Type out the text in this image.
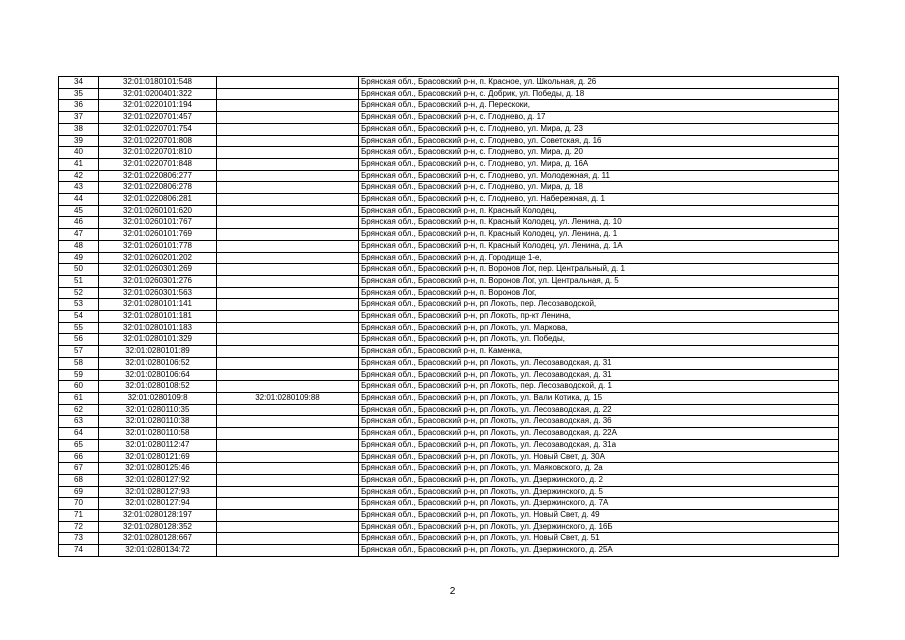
34	32:01:0180101:548		Брянская обл., Брасовский р-н, п. Красное, ул. Школьная, д. 26
35	32:01:0200401:322		Брянская обл., Брасовский р-н, с. Добрик, ул. Победы, д. 18
36	32:01:0220101:194		Брянская обл., Брасовский р-н, д. Перескоки,
37	32:01:0220701:457		Брянская обл., Брасовский р-н, с. Глоднево, д. 17
38	32:01:0220701:754		Брянская обл., Брасовский р-н, с. Глоднево, ул. Мира, д. 23
39	32:01:0220701:808		Брянская обл., Брасовский р-н, с. Глоднево, ул. Советская, д. 16
40	32:01:0220701:810		Брянская обл., Брасовский р-н, с. Глоднево, ул. Мира, д. 20
41	32:01:0220701:848		Брянская обл., Брасовский р-н, с. Глоднево, ул. Мира, д. 16А
42	32:01:0220806:277		Брянская обл., Брасовский р-н, с. Глоднево, ул. Молодежная, д. 11
43	32:01:0220806:278		Брянская обл., Брасовский р-н, с. Глоднево, ул. Мира, д. 18
44	32:01:0220806:281		Брянская обл., Брасовский р-н, с. Глоднево, ул. Набережная, д. 1
45	32:01:0260101:620		Брянская обл., Брасовский р-н, п. Красный Колодец,
46	32:01:0260101:767		Брянская обл., Брасовский р-н, п. Красный Колодец, ул. Ленина, д. 10
47	32:01:0260101:769		Брянская обл., Брасовский р-н, п. Красный Колодец, ул. Ленина, д. 1
48	32:01:0260101:778		Брянская обл., Брасовский р-н, п. Красный Колодец, ул. Ленина, д. 1А
49	32:01:0260201:202		Брянская обл., Брасовский р-н, д. Городище 1-е,
50	32:01:0260301:269		Брянская обл., Брасовский р-н, п. Воронов Лог, пер. Центральный, д. 1
51	32:01:0260301:276		Брянская обл., Брасовский р-н, п. Воронов Лог, ул. Центральная, д. 5
52	32:01:0260301:563		Брянская обл., Брасовский р-н, п. Воронов Лог,
53	32:01:0280101:141		Брянская обл., Брасовский р-н, рп Локоть, пер. Лесозаводской,
54	32:01:0280101:181		Брянская обл., Брасовский р-н, рп Локоть, пр-кт Ленина,
55	32:01:0280101:183		Брянская обл., Брасовский р-н, рп Локоть, ул. Маркова,
56	32:01:0280101:329		Брянская обл., Брасовский р-н, рп Локоть, ул. Победы,
57	32:01:0280101:89		Брянская обл., Брасовский р-н, п. Каменка,
58	32:01:0280106:52		Брянская обл., Брасовский р-н, рп Локоть, ул. Лесозаводская, д. 31
59	32:01:0280106:64		Брянская обл., Брасовский р-н, рп Локоть, ул. Лесозаводская, д. 31
60	32:01:0280108:52		Брянская обл., Брасовский р-н, рп Локоть, пер. Лесозаводской, д. 1
61	32:01:0280109:8	32:01:0280109:88	Брянская обл., Брасовский р-н, рп Локоть, ул. Вали Котика, д. 15
62	32:01:0280110:35		Брянская обл., Брасовский р-н, рп Локоть, ул. Лесозаводская, д. 22
63	32:01:0280110:38		Брянская обл., Брасовский р-н, рп Локоть, ул. Лесозаводская, д. 36
64	32:01:0280110:58		Брянская обл., Брасовский р-н, рп Локоть, ул. Лесозаводская, д. 22А
65	32:01:0280112:47		Брянская обл., Брасовский р-н, рп Локоть, ул. Лесозаводская, д. 31а
66	32:01:0280121:69		Брянская обл., Брасовский р-н, рп Локоть, ул. Новый Свет, д. 30А
67	32:01:0280125:46		Брянская обл., Брасовский р-н, рп Локоть, ул. Маяковского, д. 2а
68	32:01:0280127:92		Брянская обл., Брасовский р-н, рп Локоть, ул. Дзержинского, д. 2
69	32:01:0280127:93		Брянская обл., Брасовский р-н, рп Локоть, ул. Дзержинского, д. 5
70	32:01:0280127:94		Брянская обл., Брасовский р-н, рп Локоть, ул. Дзержинского, д. 7А
71	32:01:0280128:197		Брянская обл., Брасовский р-н, рп Локоть, ул. Новый Свет, д. 49
72	32:01:0280128:352		Брянская обл., Брасовский р-н, рп Локоть, ул. Дзержинского, д. 16Б
73	32:01:0280128:667		Брянская обл., Брасовский р-н, рп Локоть, ул. Новый Свет, д. 51
74	32:01:0280134:72		Брянская обл., Брасовский р-н, рп Локоть, ул. Дзержинского, д. 25А
2
